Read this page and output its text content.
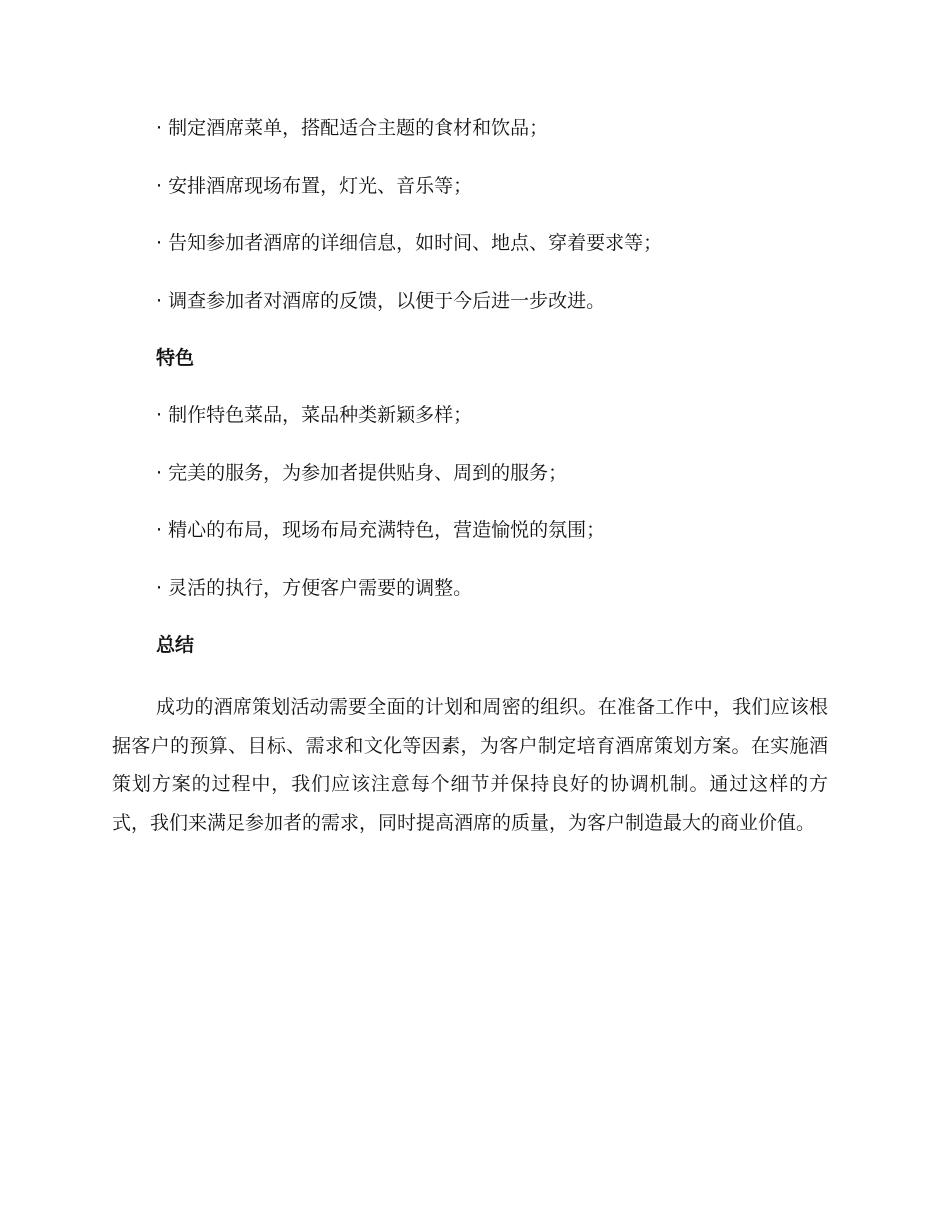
· 制定酒席菜单，搭配适合主题的食材和饮品；
· 安排酒席现场布置，灯光、音乐等；
· 告知参加者酒席的详细信息，如时间、地点、穿着要求等；
· 调查参加者对酒席的反馈，以便于今后进一步改进。
特色
· 制作特色菜品，菜品种类新颖多样；
· 完美的服务，为参加者提供贴身、周到的服务；
· 精心的布局，现场布局充满特色，营造愉悦的氛围；
· 灵活的执行，方便客户需要的调整。
总结
成功的酒席策划活动需要全面的计划和周密的组织。在准备工作中，我们应该根据客户的预算、目标、需求和文化等因素，为客户制定培育酒席策划方案。在实施酒策划方案的过程中，我们应该注意每个细节并保持良好的协调机制。通过这样的方式，我们来满足参加者的需求，同时提高酒席的质量，为客户制造最大的商业价值。
